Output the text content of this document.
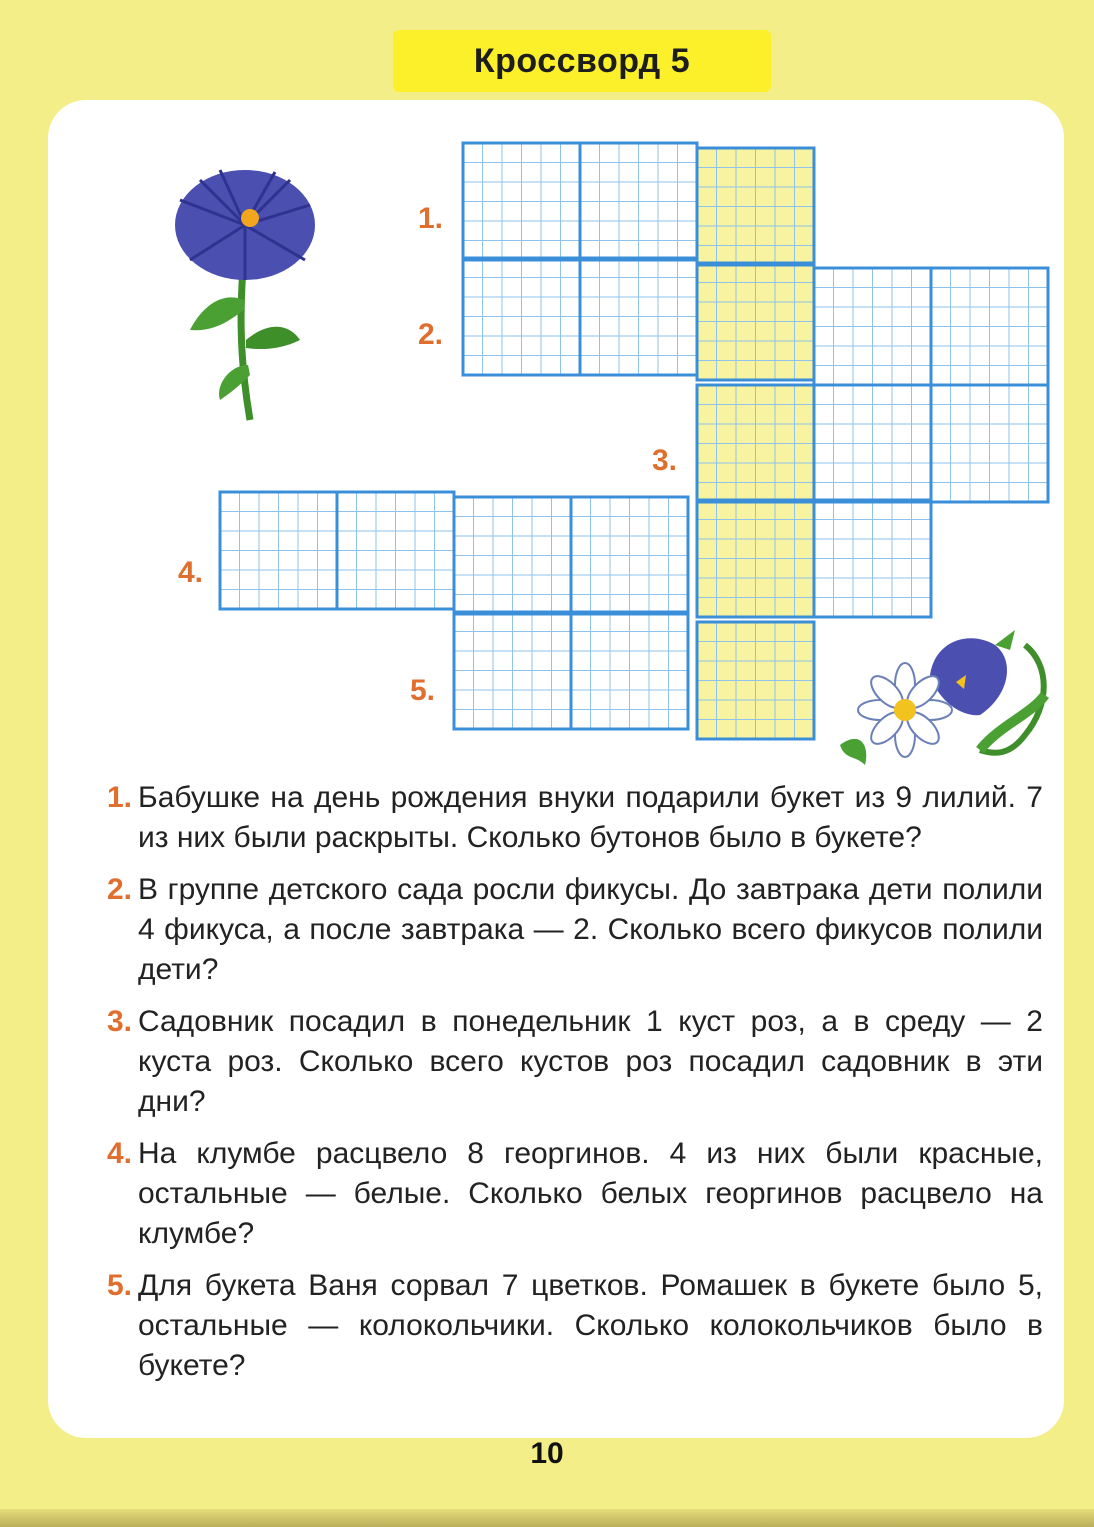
Кроссворд 5
1.
2.
3.
4.
5.
1. Бабушке на день рождения внуки подарили букет из 9 лилий. 7 из них были раскрыты. Сколько бутонов было в букете?
2. В группе детского сада росли фикусы. До завтрака дети полили 4 фикуса, а после завтрака — 2. Сколько всего фикусов полили дети?
3. Садовник посадил в понедельник 1 куст роз, а в среду — 2 куста роз. Сколько всего кустов роз посадил садовник в эти дни?
4. На клумбе расцвело 8 георгинов. 4 из них были красные, остальные — белые. Сколько белых георгинов расцвело на клумбе?
5. Для букета Ваня сорвал 7 цветков. Ромашек в букете было 5, остальные — колокольчики. Сколько колокольчиков было в букете?
10
